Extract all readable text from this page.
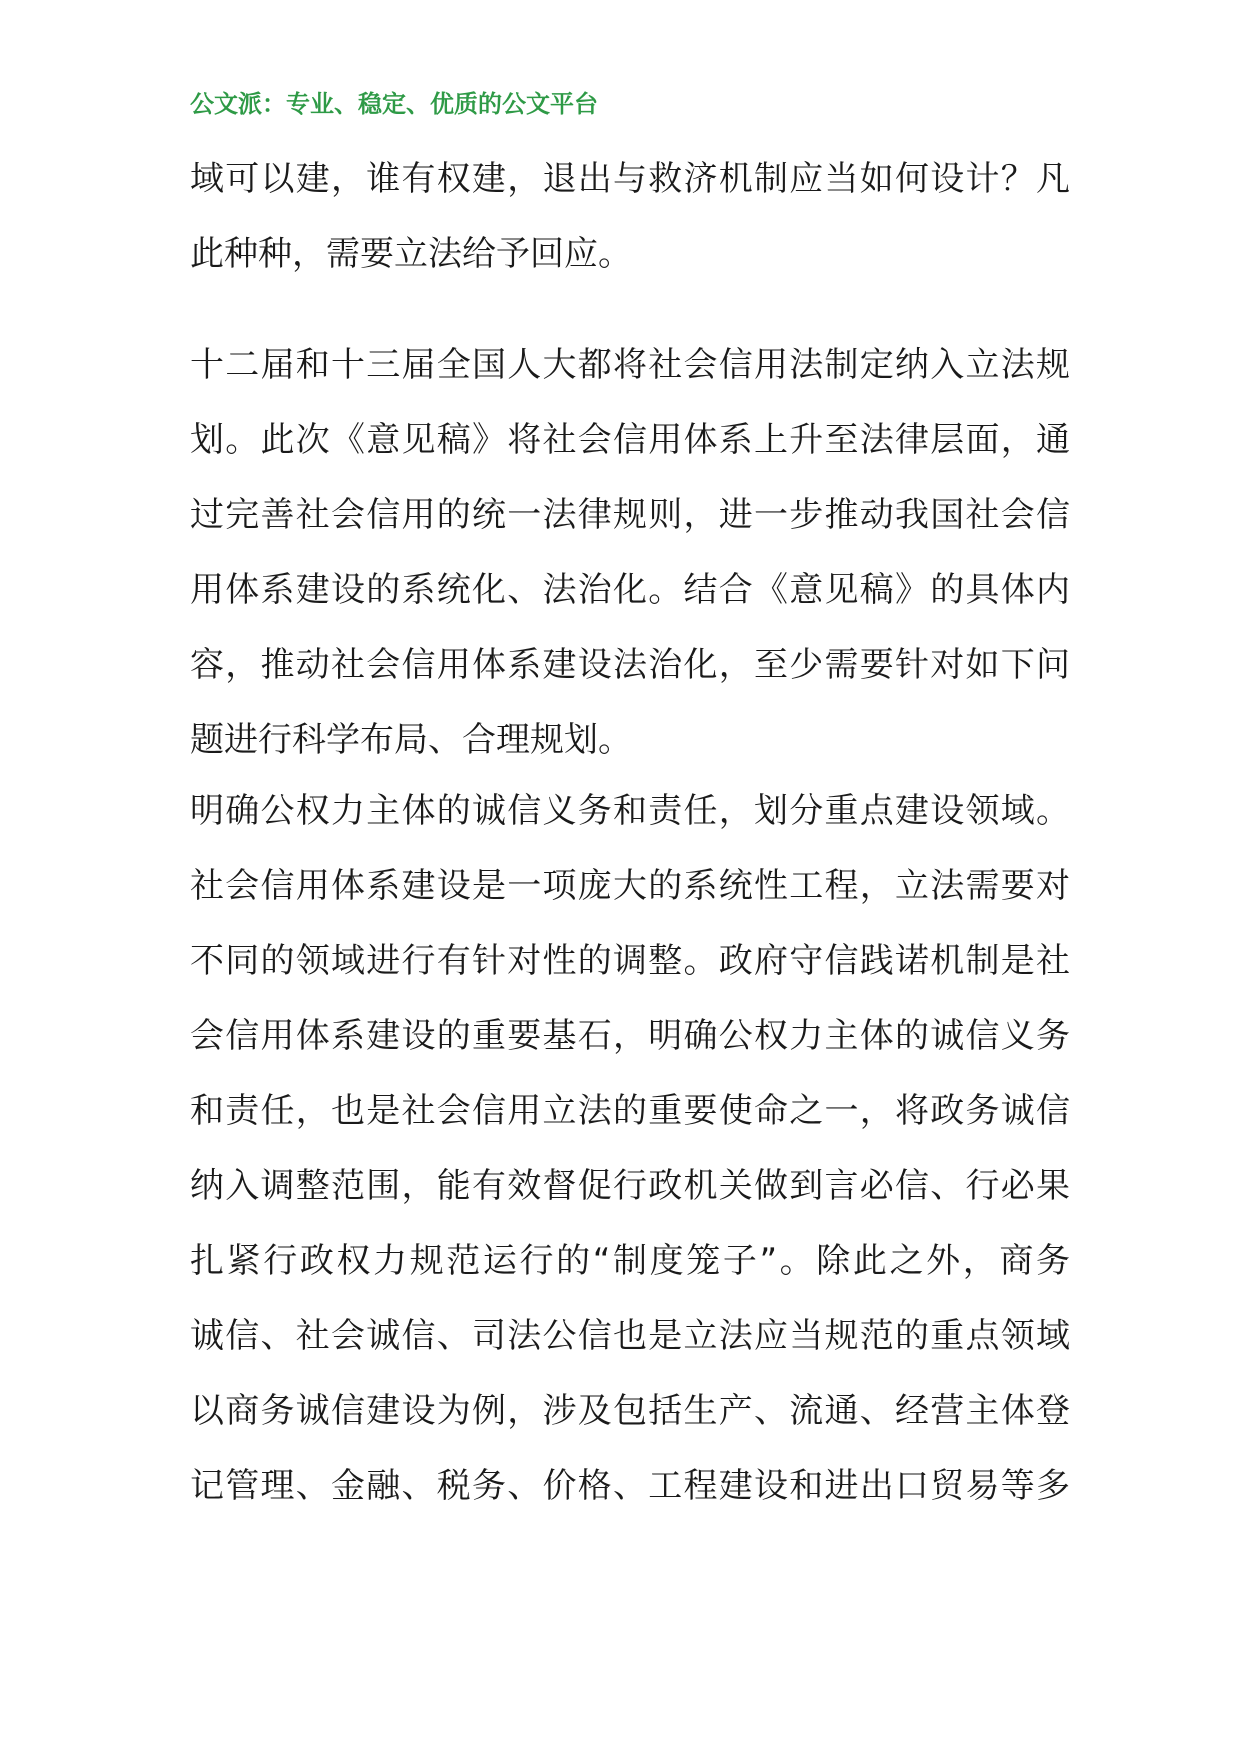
公文派：专业、稳定、优质的公文平台
域可以建，谁有权建，退出与救济机制应当如何设计？凡
此种种，需要立法给予回应。
十二届和十三届全国人大都将社会信用法制定纳入立法规
划。此次《意见稿》将社会信用体系上升至法律层面，通
过完善社会信用的统一法律规则，进一步推动我国社会信
用体系建设的系统化、法治化。结合《意见稿》的具体内
容，推动社会信用体系建设法治化，至少需要针对如下问
题进行科学布局、合理规划。
明确公权力主体的诚信义务和责任，划分重点建设领域。
社会信用体系建设是一项庞大的系统性工程，立法需要对
不同的领域进行有针对性的调整。政府守信践诺机制是社
会信用体系建设的重要基石，明确公权力主体的诚信义务
和责任，也是社会信用立法的重要使命之一，将政务诚信
纳入调整范围，能有效督促行政机关做到言必信、行必果
扎紧行政权力规范运行的“制度笼子”。除此之外，商务
诚信、社会诚信、司法公信也是立法应当规范的重点领域
以商务诚信建设为例，涉及包括生产、流通、经营主体登
记管理、金融、税务、价格、工程建设和进出口贸易等多
